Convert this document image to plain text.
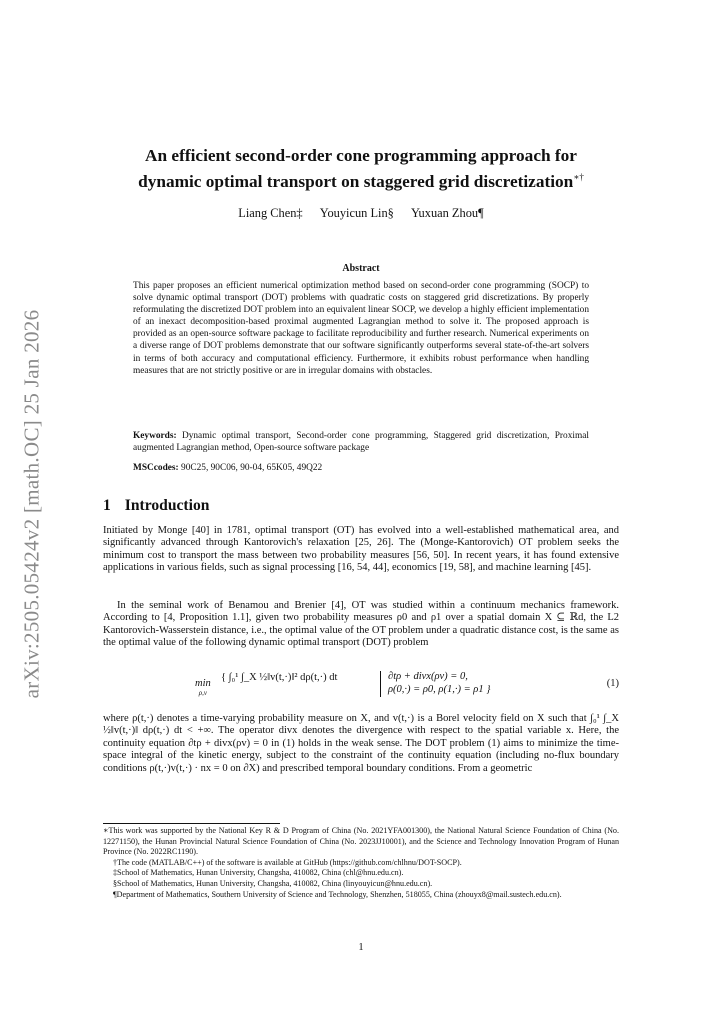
arXiv:2505.05424v2 [math.OC] 25 Jan 2026
An efficient second-order cone programming approach for
dynamic optimal transport on staggered grid discretization∗†
Liang Chen‡ Youyicun Lin§ Yuxuan Zhou¶
Abstract
This paper proposes an efficient numerical optimization method based on second-order cone programming (SOCP) to solve dynamic optimal transport (DOT) problems with quadratic costs on staggered grid discretizations. By properly reformulating the discretized DOT problem into an equivalent linear SOCP, we develop a highly efficient implementation of an inexact decomposition-based proximal augmented Lagrangian method to solve it. The proposed approach is provided as an open-source software package to facilitate reproducibility and further research. Numerical experiments on a diverse range of DOT problems demonstrate that our software significantly outperforms several state-of-the-art solvers in terms of both accuracy and computational efficiency. Furthermore, it exhibits robust performance when handling measures that are not strictly positive or are in irregular domains with obstacles.
Keywords: Dynamic optimal transport, Second-order cone programming, Staggered grid discretization, Proximal augmented Lagrangian method, Open-source software package
MSCcodes: 90C25, 90C06, 90-04, 65K05, 49Q22
1 Introduction
Initiated by Monge [40] in 1781, optimal transport (OT) has evolved into a well-established mathematical area, and significantly advanced through Kantorovich's relaxation [25, 26]. The (Monge-Kantorovich) OT problem seeks the minimum cost to transport the mass between two probability measures [56, 50]. In recent years, it has found extensive applications in various fields, such as signal processing [16, 54, 44], economics [19, 58], and machine learning [45].
In the seminal work of Benamou and Brenier [4], OT was studied within a continuum mechanics framework. According to [4, Proposition 1.1], given two probability measures ρ0 and ρ1 over a spatial domain X ⊆ ℝd, the L2 Kantorovich-Wasserstein distance, i.e., the optimal value of the OT problem under a quadratic distance cost, is the same as the optimal value of the following dynamic optimal transport (DOT) problem
min
ρ,v
{ ∫₀¹ ∫_X ½‖v(t,·)‖² dρ(t,·) dt	∂tρ + divx(ρv) = 0,
ρ(0,·) = ρ0, ρ(1,·) = ρ1 }
(1)
where ρ(t,·) denotes a time-varying probability measure on X, and v(t,·) is a Borel velocity field on X such that ∫₀¹ ∫_X ½‖v(t,·)‖ dρ(t,·) dt < +∞. The operator divx denotes the divergence with respect to the spatial variable x. Here, the continuity equation ∂tρ + divx(ρv) = 0 in (1) holds in the weak sense. The DOT problem (1) aims to minimize the time-space integral of the kinetic energy, subject to the constraint of the continuity equation (including no-flux boundary conditions ρ(t,·)v(t,·) · nx = 0 on ∂X) and prescribed temporal boundary conditions. From a geometric
∗This work was supported by the National Key R & D Program of China (No. 2021YFA001300), the National Natural Science Foundation of China (No. 12271150), the Hunan Provincial Natural Science Foundation of China (No. 2023JJ10001), and the Science and Technology Innovation Program of Hunan Province (No. 2022RC1190).
†The code (MATLAB/C++) of the software is available at GitHub (https://github.com/chlhnu/DOT-SOCP).
‡School of Mathematics, Hunan University, Changsha, 410082, China (chl@hnu.edu.cn).
§School of Mathematics, Hunan University, Changsha, 410082, China (linyouyicun@hnu.edu.cn).
¶Department of Mathematics, Southern University of Science and Technology, Shenzhen, 518055, China (zhouyx8@mail.sustech.edu.cn).
1
